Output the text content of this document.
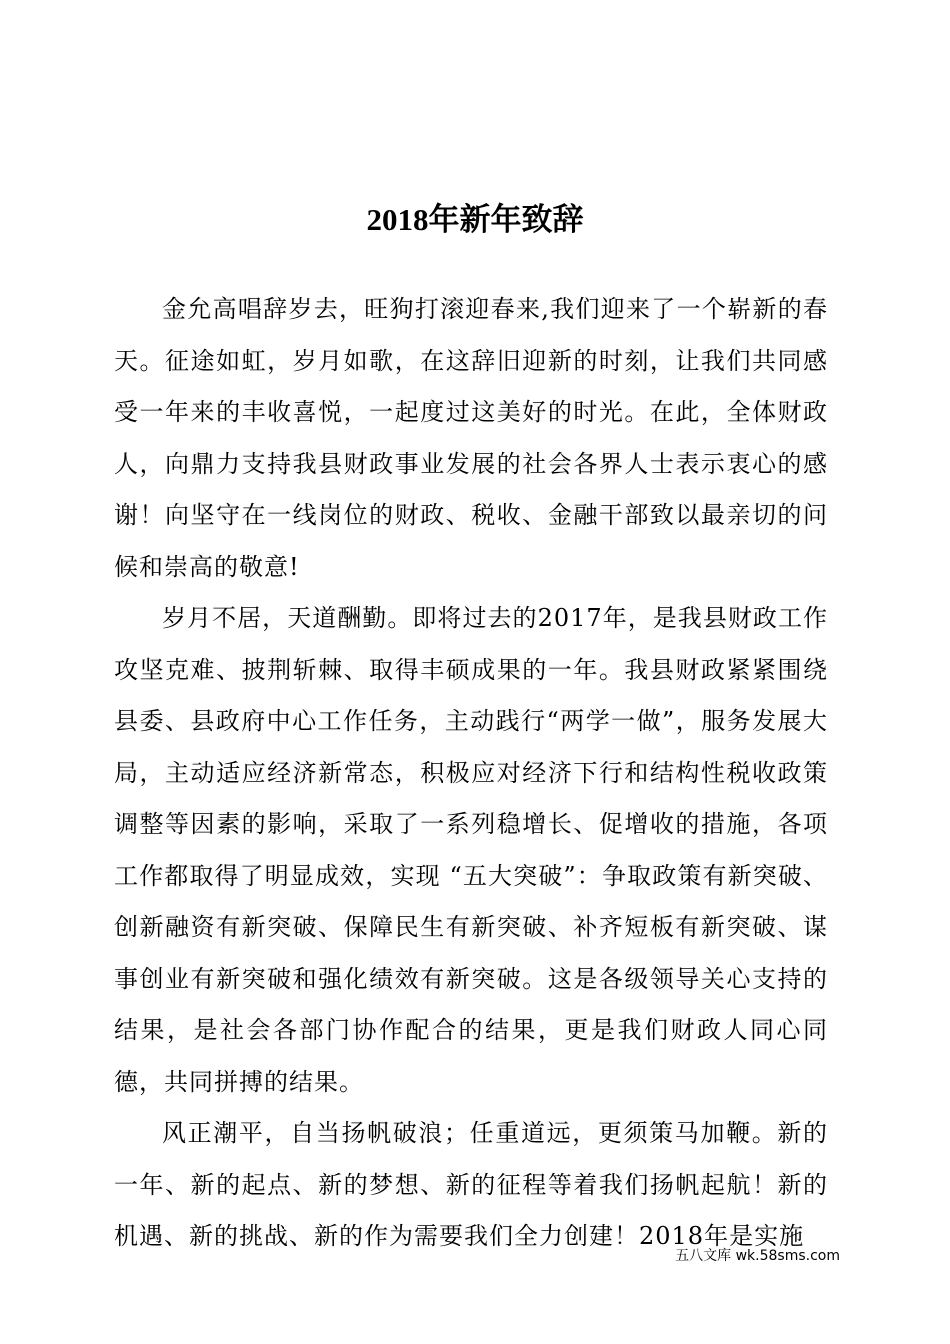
2018年新年致辞

金允高唱辞岁去，旺狗打滚迎春来,我们迎来了一个崭新的春天。征途如虹，岁月如歌，在这辞旧迎新的时刻，让我们共同感受一年来的丰收喜悦，一起度过这美好的时光。在此，全体财政人，向鼎力支持我县财政事业发展的社会各界人士表示衷心的感谢！向坚守在一线岗位的财政、税收、金融干部致以最亲切的问候和崇高的敬意!

岁月不居，天道酬勤。即将过去的2017年，是我县财政工作攻坚克难、披荆斩棘、取得丰硕成果的一年。我县财政紧紧围绕县委、县政府中心工作任务，主动践行“两学一做”，服务发展大局，主动适应经济新常态，积极应对经济下行和结构性税收政策调整等因素的影响，采取了一系列稳增长、促增收的措施，各项工作都取得了明显成效，实现 “五大突破”：争取政策有新突破、创新融资有新突破、保障民生有新突破、补齐短板有新突破、谋事创业有新突破和强化绩效有新突破。这是各级领导关心支持的结果，是社会各部门协作配合的结果，更是我们财政人同心同德，共同拼搏的结果。

风正潮平，自当扬帆破浪；任重道远，更须策马加鞭。新的一年、新的起点、新的梦想、新的征程等着我们扬帆起航！新的机遇、新的挑战、新的作为需要我们全力创建！2018年是实施

五八文库 wk.58sms.com
